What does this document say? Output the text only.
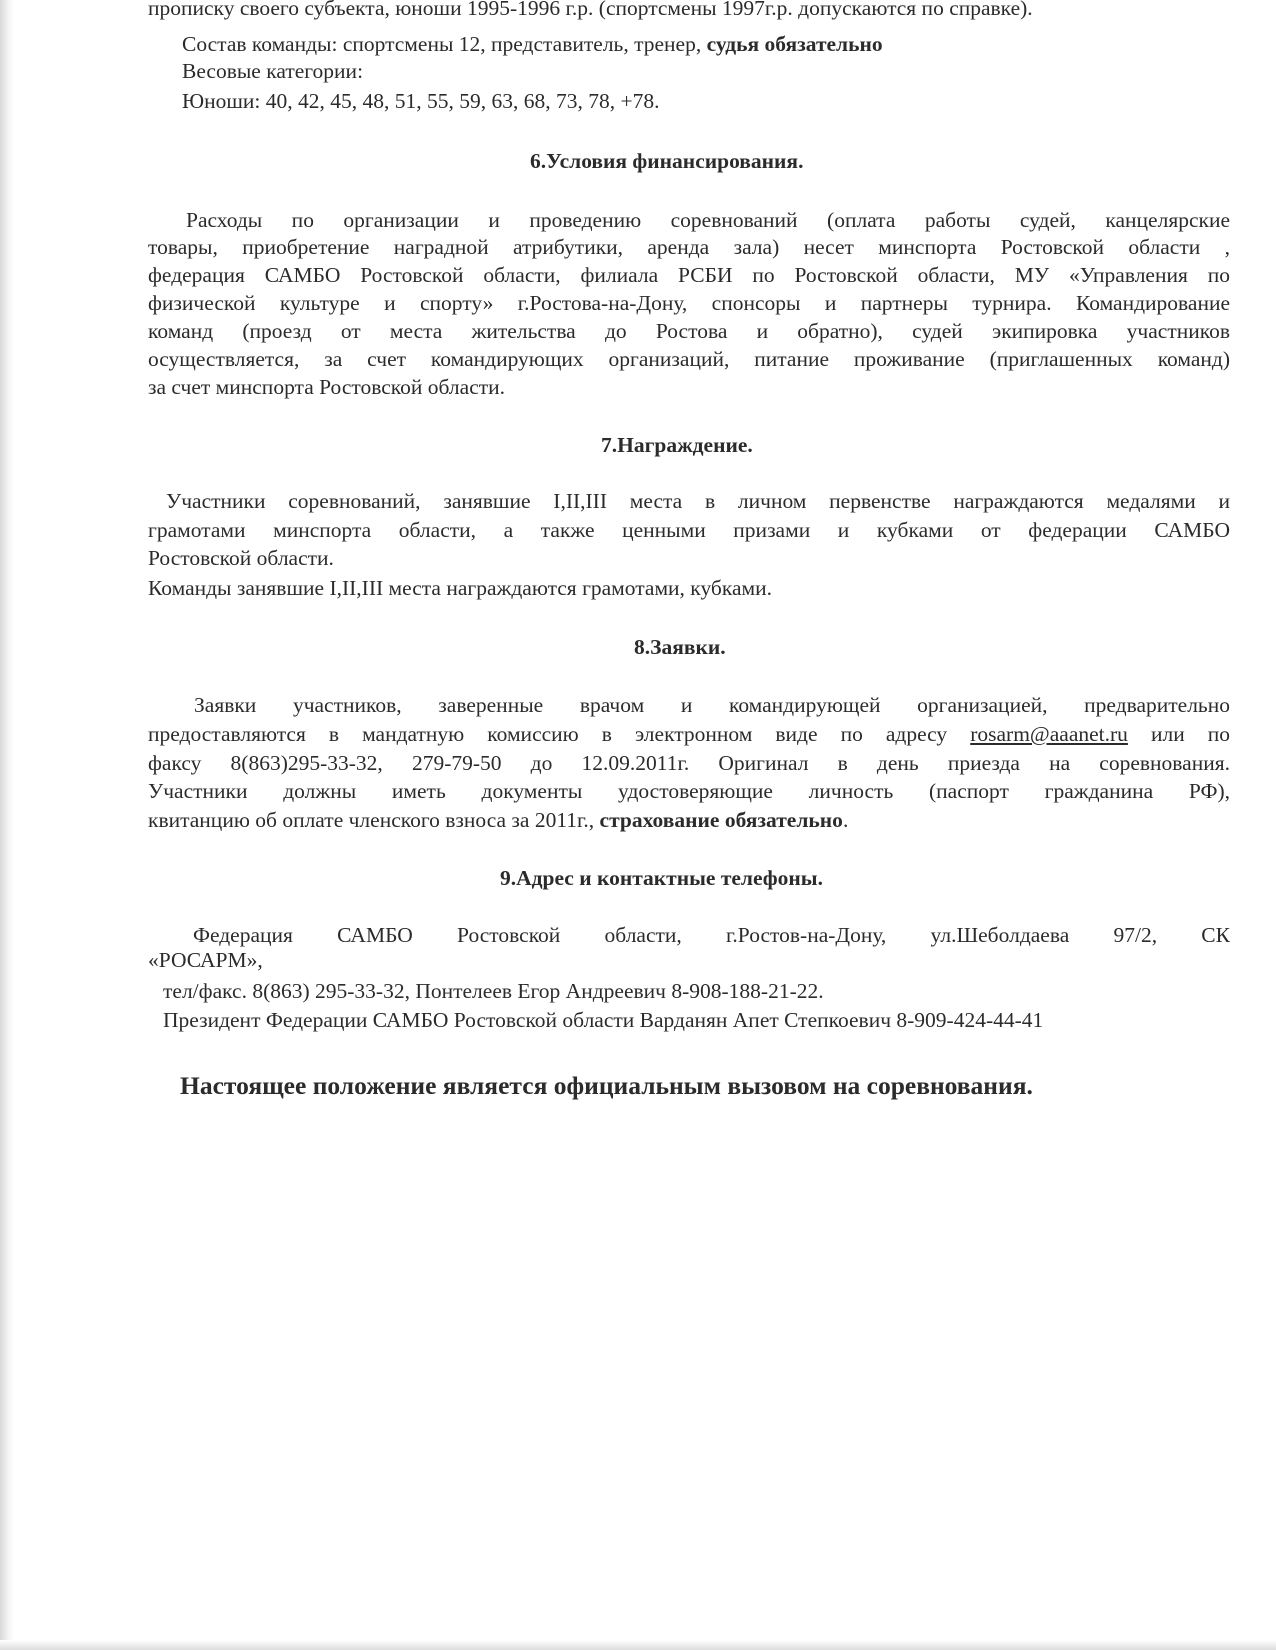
прописку своего субъекта, юноши 1995-1996 г.р. (спортсмены 1997г.р. допускаются по справке).
Состав команды: спортсмены 12, представитель, тренер, судья обязательно
Весовые категории:
Юноши: 40, 42, 45, 48, 51, 55, 59, 63, 68, 73, 78, +78.
6.Условия финансирования.
Расходы по организации и проведению соревнований (оплата работы судей, канцелярские
товары, приобретение наградной атрибутики, аренда зала) несет минспорта Ростовской области ,
федерация САМБО Ростовской области, филиала РСБИ по Ростовской области, МУ «Управления по
физической культуре и спорту» г.Ростова-на-Дону, спонсоры и партнеры турнира. Командирование
команд (проезд от места жительства до Ростова и обратно), судей экипировка участников
осуществляется, за счет командирующих организаций, питание проживание (приглашенных команд)
за счет минспорта Ростовской области.
7.Награждение.
Участники соревнований, занявшие I,II,III места в личном первенстве награждаются медалями и
грамотами минспорта области, а также ценными призами и кубками от федерации САМБО
Ростовской области.
Команды занявшие I,II,III места награждаются грамотами, кубками.
8.Заявки.
Заявки участников, заверенные врачом и командирующей организацией, предварительно
предоставляются в мандатную комиссию в электронном виде по адресу rosarm@aaanet.ru или по
факсу 8(863)295-33-32, 279-79-50 до 12.09.2011г. Оригинал в день приезда на соревнования.
Участники должны иметь документы удостоверяющие личность (паспорт гражданина РФ),
квитанцию об оплате членского взноса за 2011г., страхование обязательно.
9.Адрес и контактные телефоны.
Федерация САМБО Ростовской области, г.Ростов-на-Дону, ул.Шеболдаева 97/2, СК
«РОСАРМ»,
тел/факс. 8(863) 295-33-32, Понтелеев Егор Андреевич 8-908-188-21-22.
Президент Федерации САМБО Ростовской области Варданян Апет Степкоевич 8-909-424-44-41
Настоящее положение является официальным вызовом на соревнования.
